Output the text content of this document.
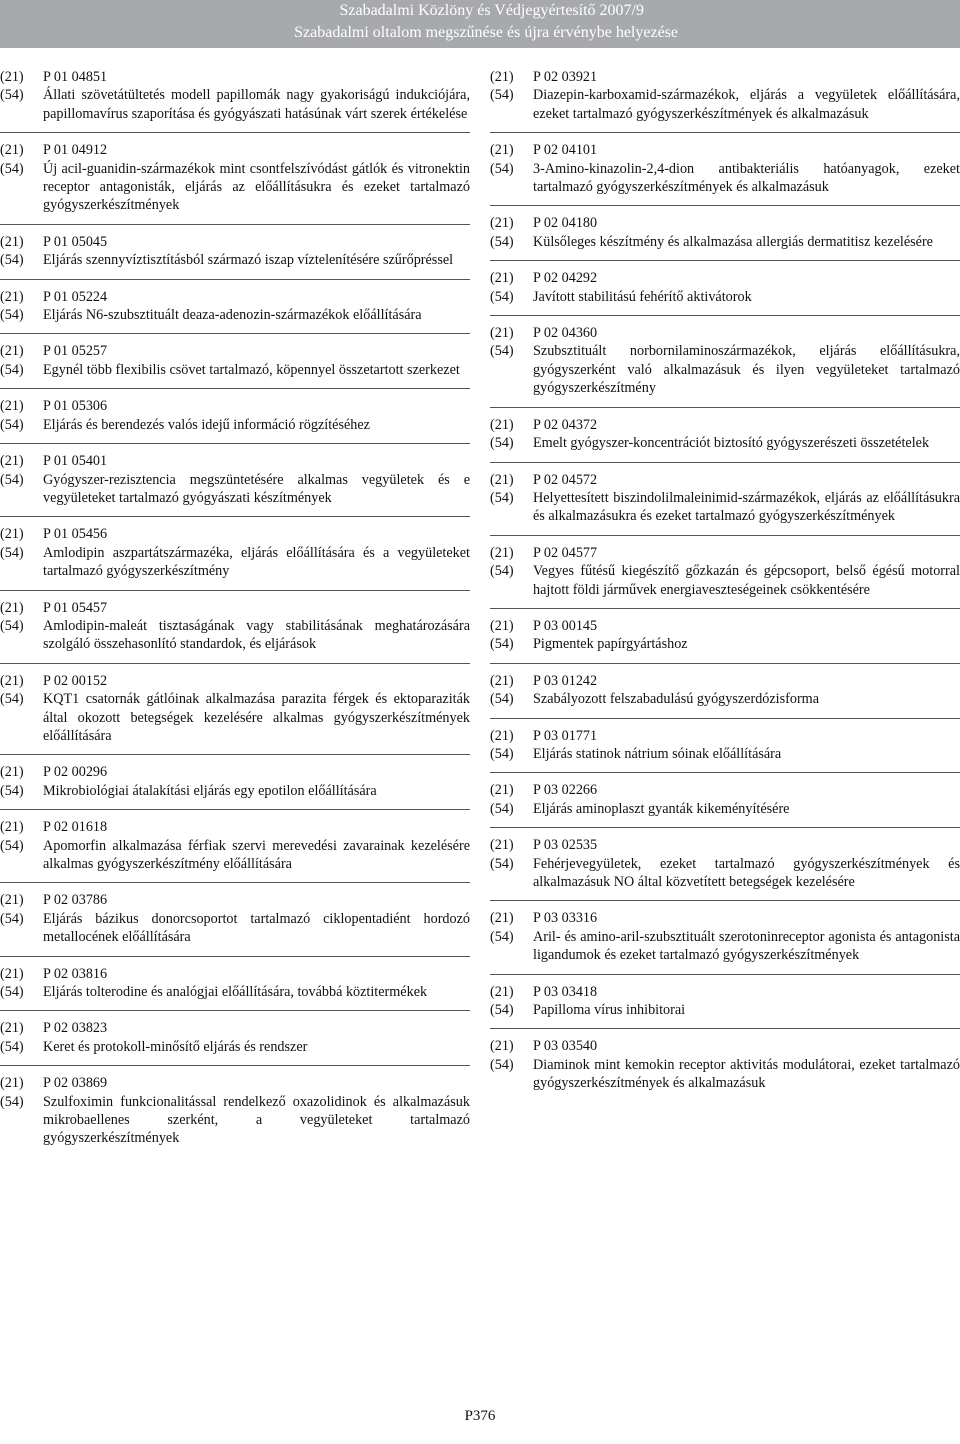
Szabadalmi Közlöny és Védjegyértesítő 2007/9
Szabadalmi oltalom megszűnése és újra érvénybe helyezése
(21)	P 01 04851
(54)	Állati szövetátültetés modell papillomák nagy gyakoriságú indukciójára, papillomavírus szaporítása és gyógyászati hatásúnak várt szerek értékelése
(21)	P 01 04912
(54)	Új acil-guanidin-származékok mint csontfelszívódást gátlók és vitronektin receptor antagonisták, eljárás az előállításukra és ezeket tartalmazó gyógyszerkészítmények
(21)	P 01 05045
(54)	Eljárás szennyvíztisztításból származó iszap víztelenítésére szűrőpréssel
(21)	P 01 05224
(54)	Eljárás N6-szubsztituált deaza-adenozin-származékok előállítására
(21)	P 01 05257
(54)	Egynél több flexibilis csövet tartalmazó, köpennyel összetartott szerkezet
(21)	P 01 05306
(54)	Eljárás és berendezés valós idejű információ rögzítéséhez
(21)	P 01 05401
(54)	Gyógyszer-rezisztencia megszüntetésére alkalmas vegyületek és e vegyületeket tartalmazó gyógyászati készítmények
(21)	P 01 05456
(54)	Amlodipin aszpartátszármazéka, eljárás előállítására és a vegyületeket tartalmazó gyógyszerkészítmény
(21)	P 01 05457
(54)	Amlodipin-maleát tisztaságának vagy stabilitásának meghatározására szolgáló összehasonlító standardok, és eljárások
(21)	P 02 00152
(54)	KQT1 csatornák gátlóinak alkalmazása parazita férgek és ektoparaziták által okozott betegségek kezelésére alkalmas gyógyszerkészítmények előállítására
(21)	P 02 00296
(54)	Mikrobiológiai átalakítási eljárás egy epotilon előállítására
(21)	P 02 01618
(54)	Apomorfin alkalmazása férfiak szervi merevedési zavarainak kezelésére alkalmas gyógyszerkészítmény előállítására
(21)	P 02 03786
(54)	Eljárás bázikus donorcsoportot tartalmazó ciklopentadiént hordozó metallocének előállítására
(21)	P 02 03816
(54)	Eljárás tolterodine és analógjai előállítására, továbbá köztitermékek
(21)	P 02 03823
(54)	Keret és protokoll-minősítő eljárás és rendszer
(21)	P 02 03869
(54)	Szulfoximin funkcionalitással rendelkező oxazolidinok és alkalmazásuk mikrobaellenes szerként, a vegyületeket tartalmazó gyógyszerkészítmények
(21)	P 02 03921
(54)	Diazepin-karboxamid-származékok, eljárás a vegyületek előállítására, ezeket tartalmazó gyógyszerkészítmények és alkalmazásuk
(21)	P 02 04101
(54)	3-Amino-kinazolin-2,4-dion antibakteriális hatóanyagok, ezeket tartalmazó gyógyszerkészítmények és alkalmazásuk
(21)	P 02 04180
(54)	Külsőleges készítmény és alkalmazása allergiás dermatitisz kezelésére
(21)	P 02 04292
(54)	Javított stabilitású fehérítő aktivátorok
(21)	P 02 04360
(54)	Szubsztituált norbornilaminoszármazékok, eljárás előállításukra, gyógyszerként való alkalmazásuk és ilyen vegyületeket tartalmazó gyógyszerkészítmény
(21)	P 02 04372
(54)	Emelt gyógyszer-koncentrációt biztosító gyógyszerészeti összetételek
(21)	P 02 04572
(54)	Helyettesített biszindolilmaleinimid-származékok, eljárás az előállításukra és alkalmazásukra és ezeket tartalmazó gyógyszerkészítmények
(21)	P 02 04577
(54)	Vegyes fűtésű kiegészítő gőzkazán és gépcsoport, belső égésű motorral hajtott földi járművek energiaveszteségeinek csökkentésére
(21)	P 03 00145
(54)	Pigmentek papírgyártáshoz
(21)	P 03 01242
(54)	Szabályozott felszabadulású gyógyszerdózisforma
(21)	P 03 01771
(54)	Eljárás statinok nátrium sóinak előállítására
(21)	P 03 02266
(54)	Eljárás aminoplaszt gyanták kikeményítésére
(21)	P 03 02535
(54)	Fehérjevegyületek, ezeket tartalmazó gyógyszerkészítmények és alkalmazásuk NO által közvetített betegségek kezelésére
(21)	P 03 03316
(54)	Aril- és amino-aril-szubsztituált szerotoninreceptor agonista és antagonista ligandumok és ezeket tartalmazó gyógyszerkészítmények
(21)	P 03 03418
(54)	Papilloma vírus inhibitorai
(21)	P 03 03540
(54)	Diaminok mint kemokin receptor aktivitás modulátorai, ezeket tartalmazó gyógyszerkészítmények és alkalmazásuk
P376
